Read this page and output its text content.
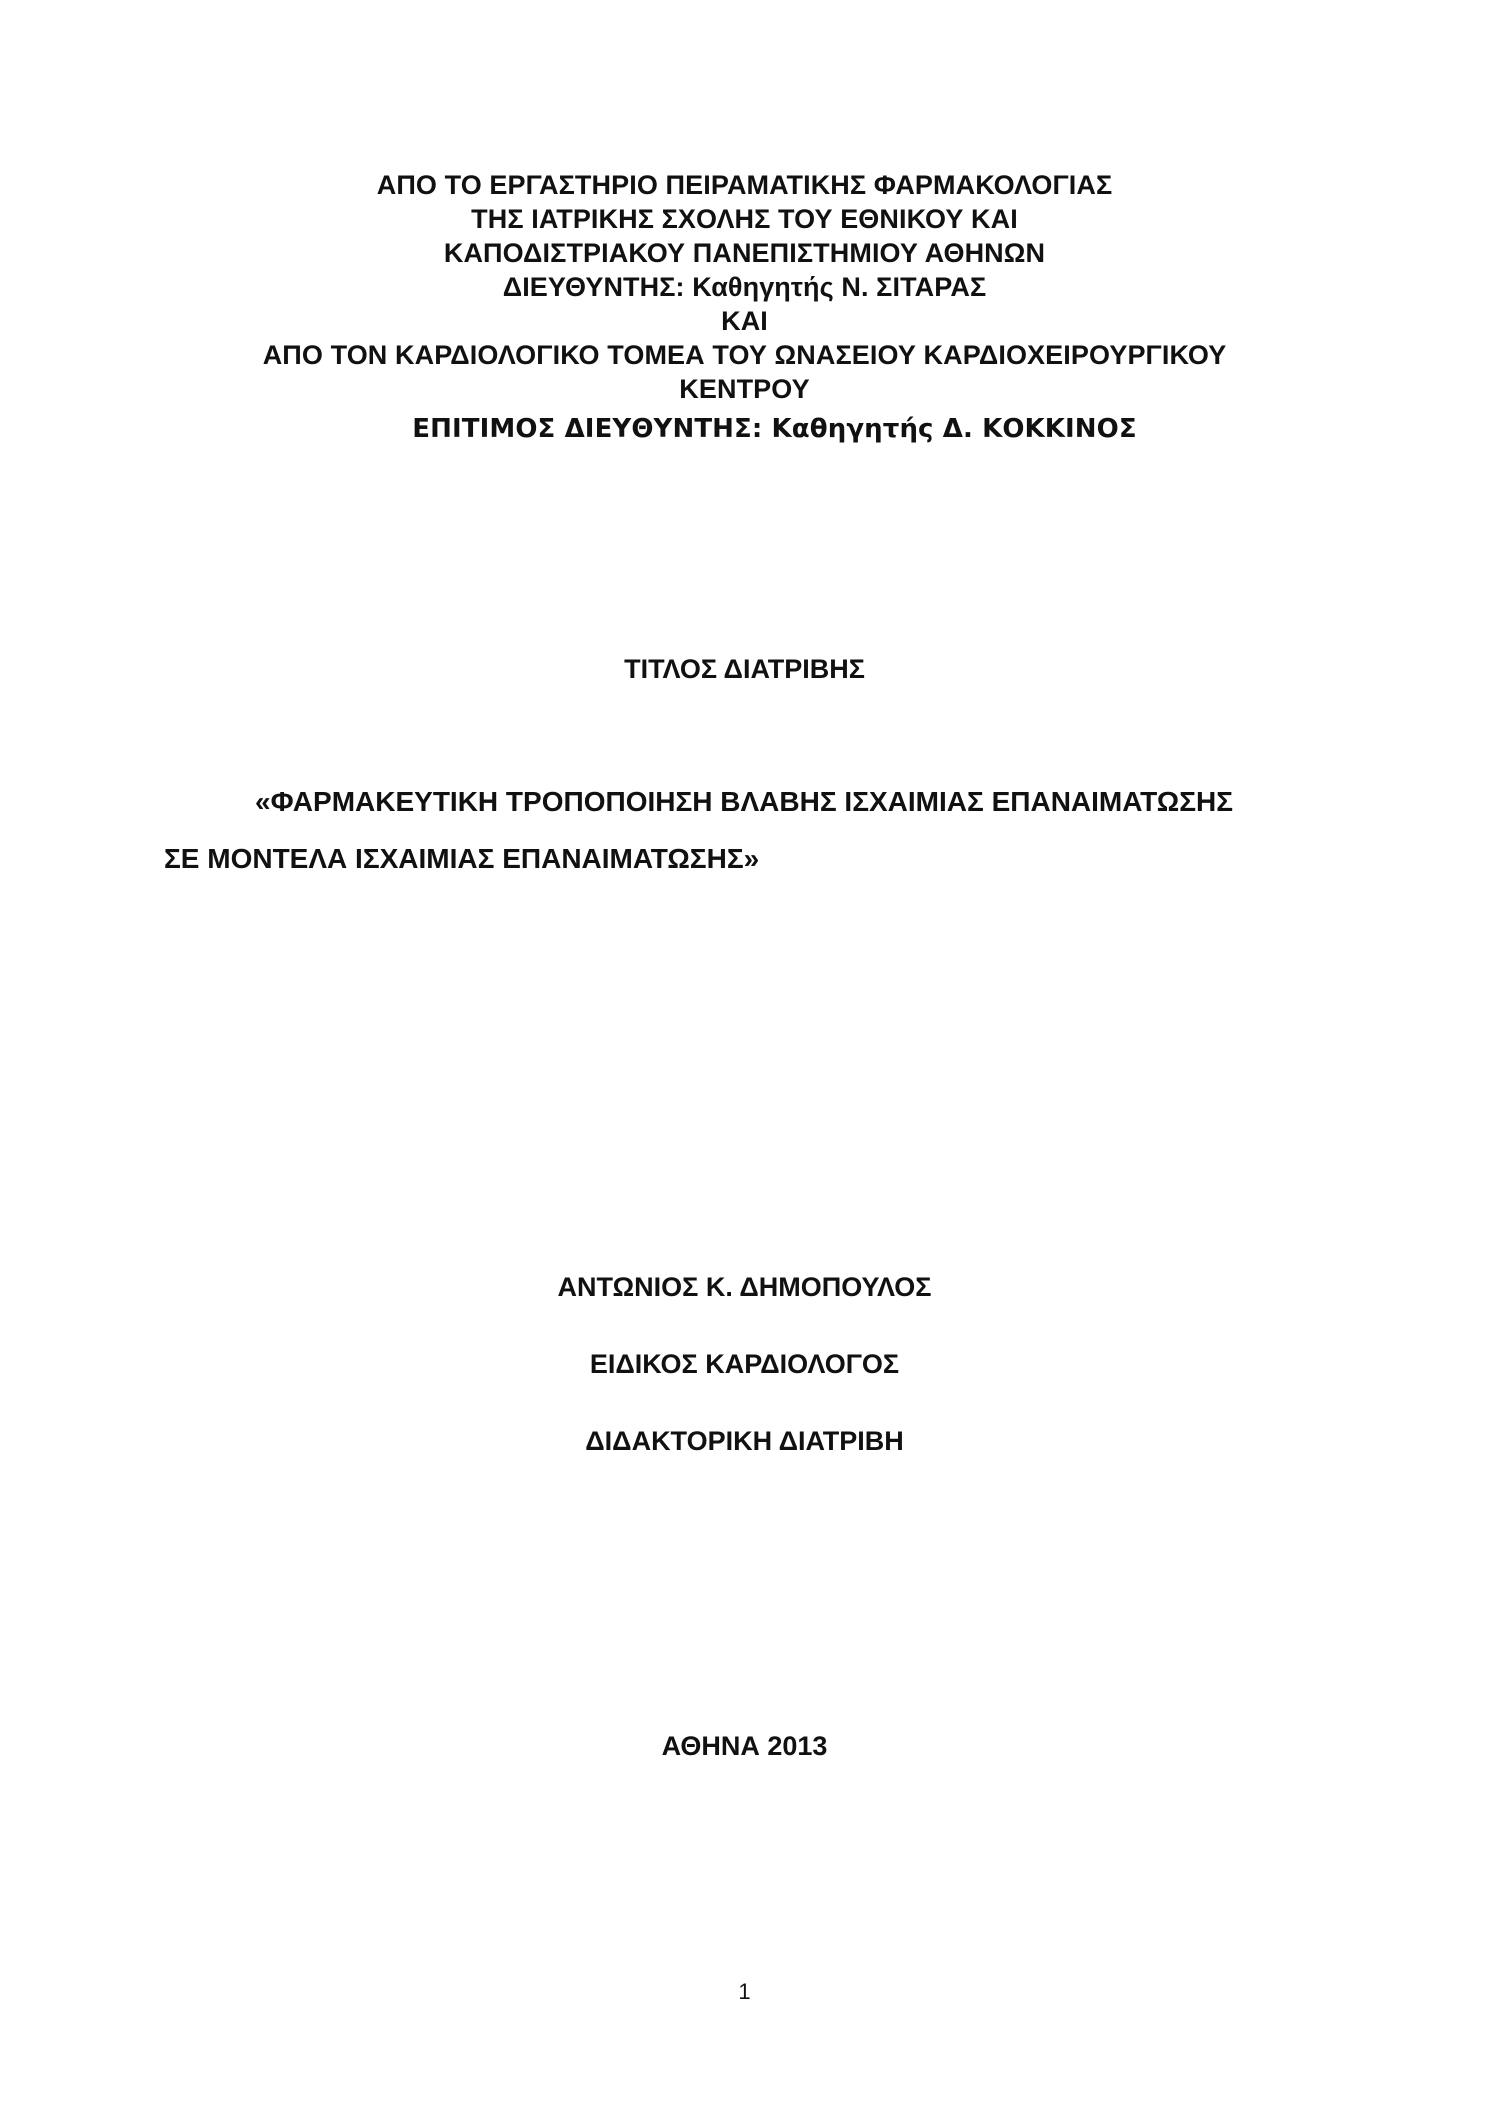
ΑΠΟ ΤΟ ΕΡΓΑΣΤΗΡΙΟ ΠΕΙΡΑΜΑΤΙΚΗΣ ΦΑΡΜΑΚΟΛΟΓΙΑΣ
ΤΗΣ ΙΑΤΡΙΚΗΣ ΣΧΟΛΗΣ ΤΟΥ ΕΘΝΙΚΟΥ ΚΑΙ
ΚΑΠΟΔΙΣΤΡΙΑΚΟΥ ΠΑΝΕΠΙΣΤΗΜΙΟΥ ΑΘΗΝΩΝ
ΔΙΕΥΘΥΝΤΗΣ: Καθηγητής Ν. ΣΙΤΑΡΑΣ
ΚΑΙ
ΑΠΟ ΤΟΝ ΚΑΡΔΙΟΛΟΓΙΚΟ ΤΟΜΕΑ ΤΟΥ ΩΝΑΣΕΙΟΥ ΚΑΡΔΙΟΧΕΙΡΟΥΡΓΙΚΟΥ
ΚΕΝΤΡΟΥ
ΕΠΙΤΙΜΟΣ ΔΙΕΥΘΥΝΤΗΣ: Καθηγητής Δ. ΚΟΚΚΙΝΟΣ
ΤΙΤΛΟΣ ΔΙΑΤΡΙΒΗΣ
«ΦΑΡΜΑΚΕΥΤΙΚΗ ΤΡΟΠΟΠΟΙΗΣΗ ΒΛΑΒΗΣ ΙΣΧΑΙΜΙΑΣ ΕΠΑΝΑΙΜΑΤΩΣΗΣ
ΣΕ ΜΟΝΤΕΛΑ ΙΣΧΑΙΜΙΑΣ ΕΠΑΝΑΙΜΑΤΩΣΗΣ»
ΑΝΤΩΝΙΟΣ Κ. ΔΗΜΟΠΟΥΛΟΣ
ΕΙΔΙΚΟΣ ΚΑΡΔΙΟΛΟΓΟΣ
ΔΙΔΑΚΤΟΡΙΚΗ ΔΙΑΤΡΙΒΗ
ΑΘΗΝΑ 2013
1
